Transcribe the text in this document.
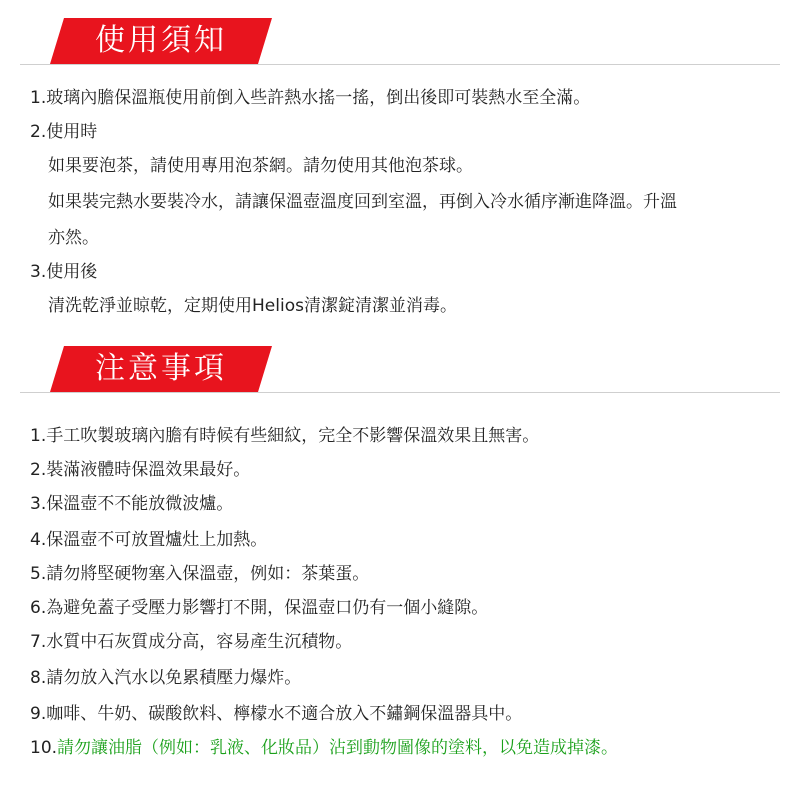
使用須知
1.玻璃內膽保溫瓶使用前倒入些許熱水搖一搖，倒出後即可裝熱水至全滿。
2.使用時
如果要泡茶，請使用專用泡茶網。請勿使用其他泡茶球。
如果裝完熱水要裝冷水，請讓保溫壺溫度回到室溫，再倒入冷水循序漸進降溫。升溫
亦然。
3.使用後
清洗乾淨並晾乾，定期使用Helios清潔錠清潔並消毒。
注意事項
1.手工吹製玻璃內膽有時候有些細紋，完全不影響保溫效果且無害。
2.裝滿液體時保溫效果最好。
3.保溫壺不不能放微波爐。
4.保溫壺不可放置爐灶上加熱。
5.請勿將堅硬物塞入保溫壺，例如：茶葉蛋。
6.為避免蓋子受壓力影響打不開，保溫壺口仍有一個小縫隙。
7.水質中石灰質成分高，容易產生沉積物。
8.請勿放入汽水以免累積壓力爆炸。
9.咖啡、牛奶、碳酸飲料、檸檬水不適合放入不鏽鋼保溫器具中。
10.請勿讓油脂（例如：乳液、化妝品）沾到動物圖像的塗料，以免造成掉漆。
